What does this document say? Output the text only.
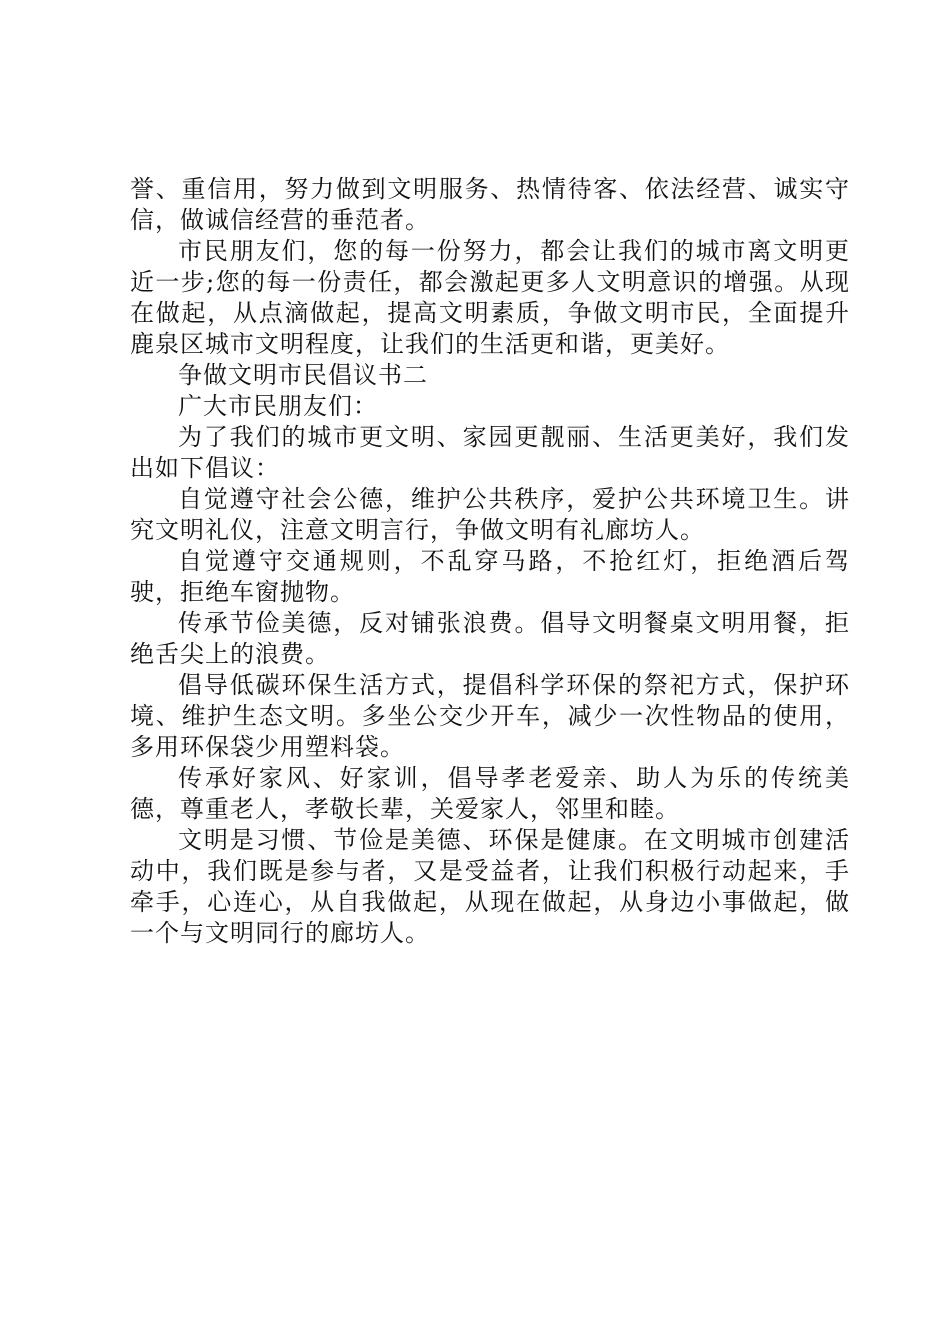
誉、重信用，努力做到文明服务、热情待客、依法经营、诚实守信，做诚信经营的垂范者。

市民朋友们，您的每一份努力，都会让我们的城市离文明更近一步;您的每一份责任，都会激起更多人文明意识的增强。从现在做起，从点滴做起，提高文明素质，争做文明市民，全面提升鹿泉区城市文明程度，让我们的生活更和谐，更美好。

争做文明市民倡议书二

广大市民朋友们：

为了我们的城市更文明、家园更靓丽、生活更美好，我们发出如下倡议：

自觉遵守社会公德，维护公共秩序，爱护公共环境卫生。讲究文明礼仪，注意文明言行，争做文明有礼廊坊人。

自觉遵守交通规则，不乱穿马路，不抢红灯，拒绝酒后驾驶，拒绝车窗抛物。

传承节俭美德，反对铺张浪费。倡导文明餐桌文明用餐，拒绝舌尖上的浪费。

倡导低碳环保生活方式，提倡科学环保的祭祀方式，保护环境、维护生态文明。多坐公交少开车，减少一次性物品的使用，多用环保袋少用塑料袋。

传承好家风、好家训，倡导孝老爱亲、助人为乐的传统美德，尊重老人，孝敬长辈，关爱家人，邻里和睦。

文明是习惯、节俭是美德、环保是健康。在文明城市创建活动中，我们既是参与者，又是受益者，让我们积极行动起来，手牵手，心连心，从自我做起，从现在做起，从身边小事做起，做一个与文明同行的廊坊人。
